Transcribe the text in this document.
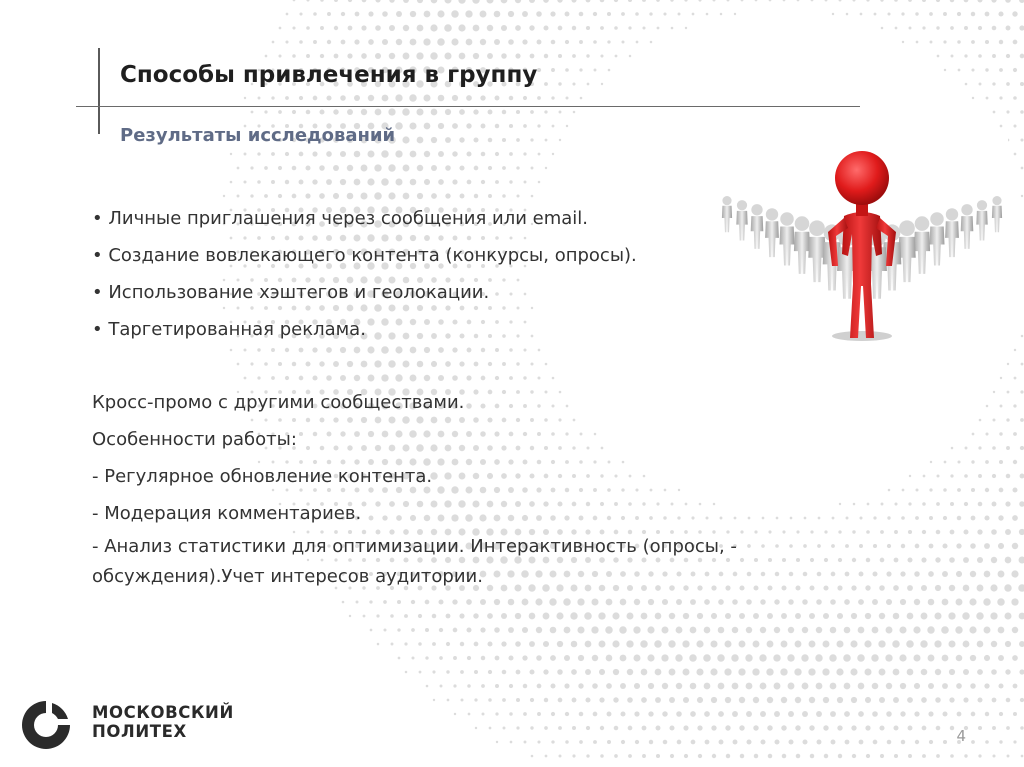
Способы привлечения в группу
Результаты исследований

• Личные приглашения через сообщения или email.

• Создание вовлекающего контента (конкурсы, опросы).

• Использование хэштегов и геолокации.

• Таргетированная реклама.

Кросс-промо с другими сообществами.

Особенности работы:

- Регулярное обновление контента.

- Модерация комментариев.

- Анализ статистики для оптимизации. Интерактивность (опросы, - обсуждения).Учет интересов аудитории.

МОСКОВСКИЙ
ПОЛИТЕХ	4
